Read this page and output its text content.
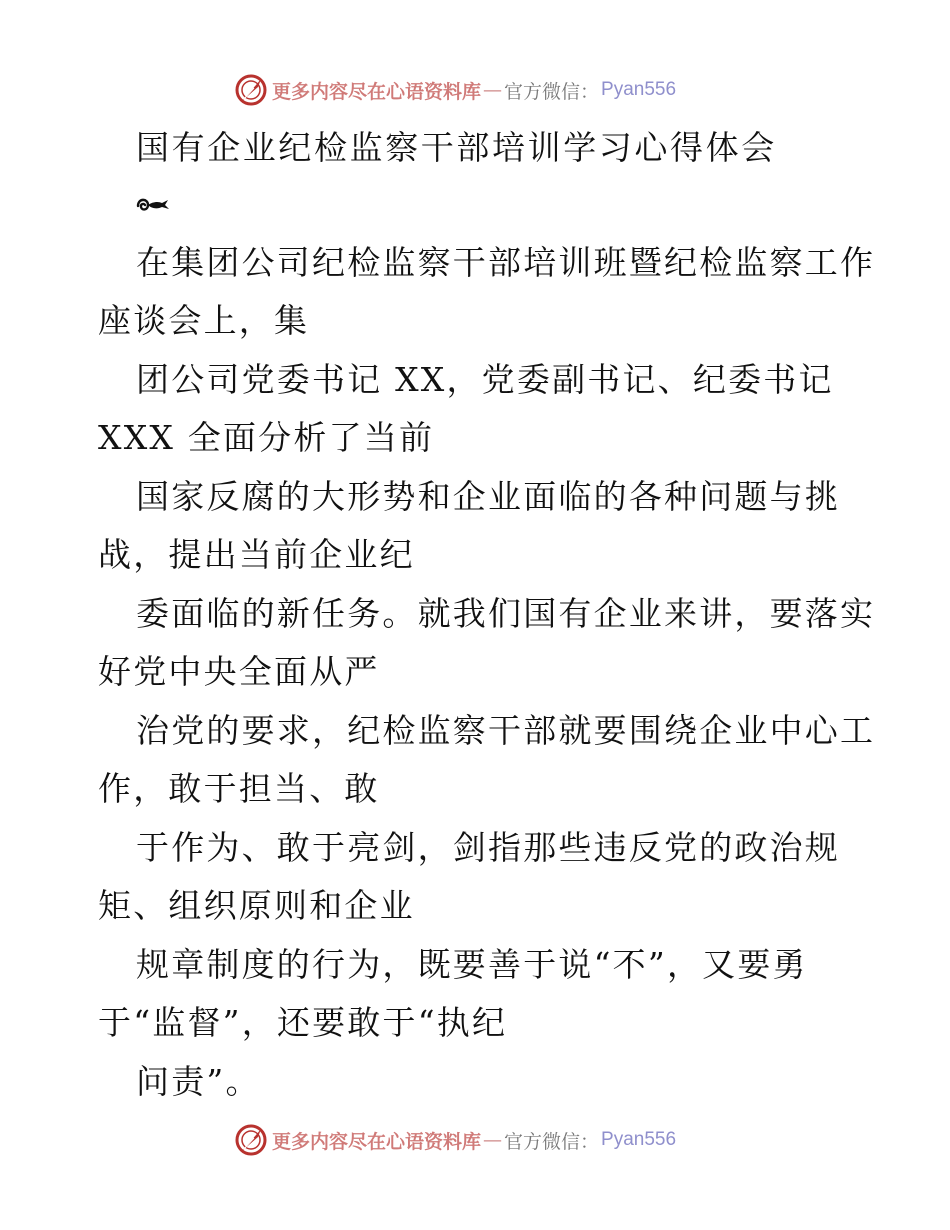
更多内容尽在心语资料库 — 官方微信： Pyan556
国有企业纪检监察干部培训学习心得体会
在集团公司纪检监察干部培训班暨纪检监察工作
座谈会上，集
团公司党委书记 XX，党委副书记、纪委书记
XXX 全面分析了当前
国家反腐的大形势和企业面临的各种问题与挑
战，提出当前企业纪
委面临的新任务。就我们国有企业来讲，要落实
好党中央全面从严
治党的要求，纪检监察干部就要围绕企业中心工
作，敢于担当、敢
于作为、敢于亮剑，剑指那些违反党的政治规
矩、组织原则和企业
规章制度的行为，既要善于说“不”，又要勇
于“监督”，还要敢于“执纪
问责”。
更多内容尽在心语资料库 — 官方微信： Pyan556
